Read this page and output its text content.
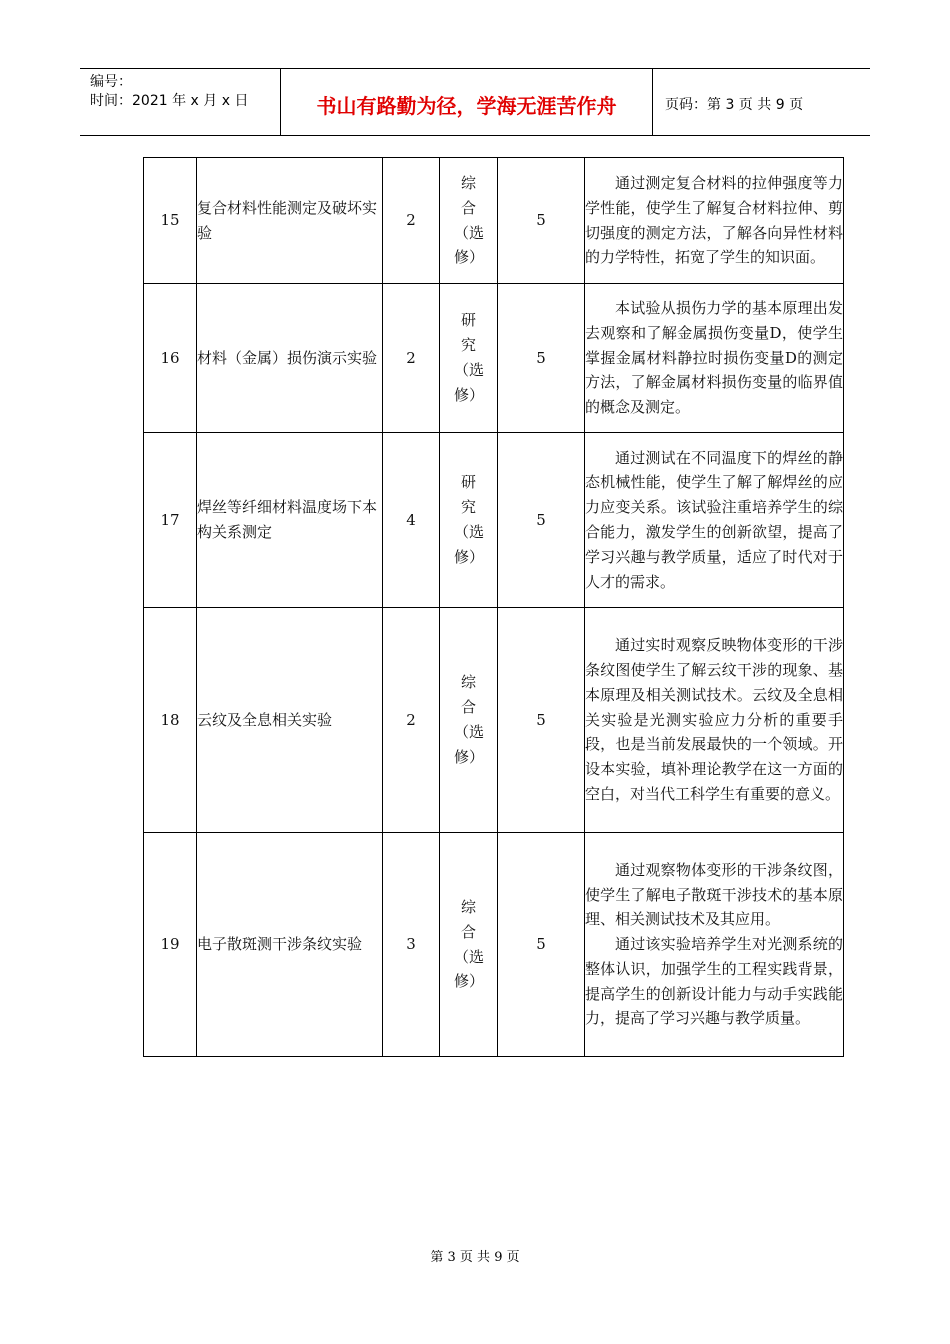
编号：
时间：2021 年 x 月 x 日	书山有路勤为径，学海无涯苦作舟	页码：第 3 页 共 9 页
15	复合材料性能测定及破坏实验	2	综合（选修）	5	通过测定复合材料的拉伸强度等力学性能，使学生了解复合材料拉伸、剪切强度的测定方法，了解各向异性材料的力学特性，拓宽了学生的知识面。

16	材料（金属）损伤演示实验	2	研究（选修）	5	本试验从损伤力学的基本原理出发去观察和了解金属损伤变量D，使学生掌握金属材料静拉时损伤变量D的测定方法，了解金属材料损伤变量的临界值的概念及测定。

17	焊丝等纤细材料温度场下本构关系测定	4	研究（选修）	5	通过测试在不同温度下的焊丝的静态机械性能，使学生了解了解焊丝的应力应变关系。该试验注重培养学生的综合能力，激发学生的创新欲望，提高了学习兴趣与教学质量，适应了时代对于人才的需求。

18	云纹及全息相关实验	2	综合（选修）	5	通过实时观察反映物体变形的干涉条纹图使学生了解云纹干涉的现象、基本原理及相关测试技术。云纹及全息相关实验是光测实验应力分析的重要手段，也是当前发展最快的一个领域。开设本实验，填补理论教学在这一方面的空白，对当代工科学生有重要的意义。

19	电子散斑测干涉条纹实验	3	综合（选修）	5	通过观察物体变形的干涉条纹图，使学生了解电子散斑干涉技术的基本原理、相关测试技术及其应用。

通过该实验培养学生对光测系统的整体认识，加强学生的工程实践背景，提高学生的创新设计能力与动手实践能力，提高了学习兴趣与教学质量。

第 3 页 共 9 页
